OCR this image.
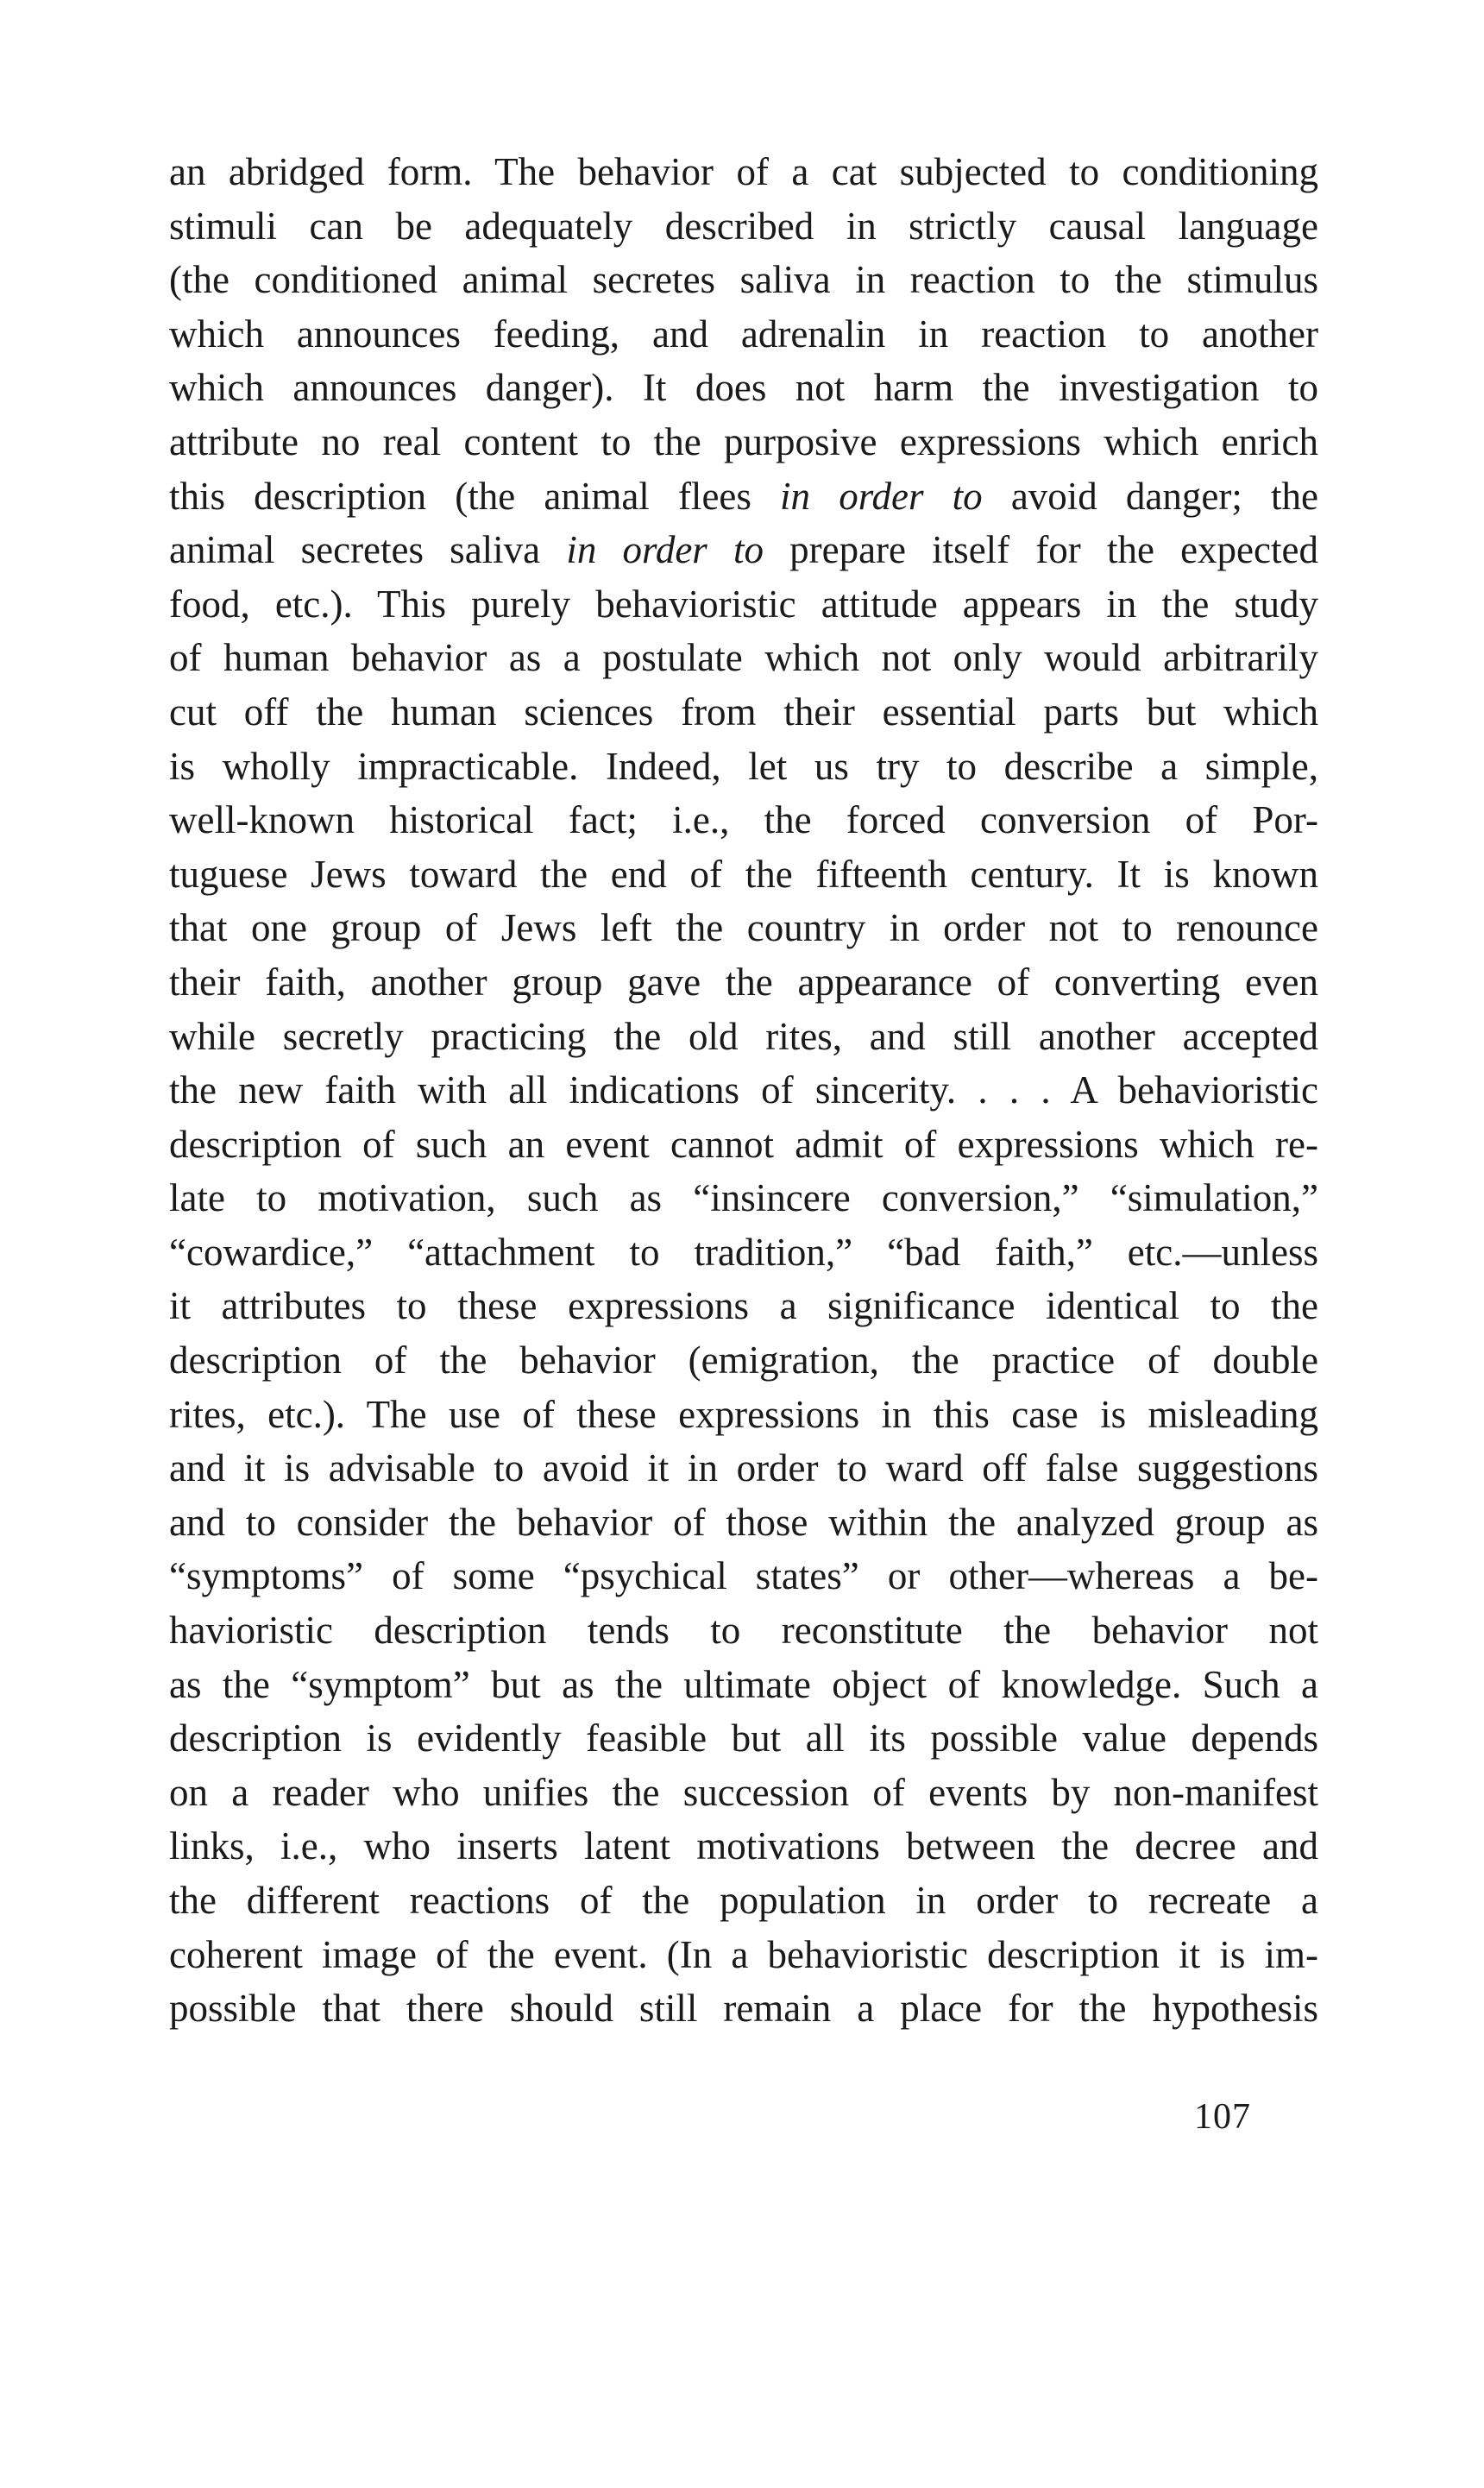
an abridged form. The behavior of a cat subjected to conditioning
stimuli can be adequately described in strictly causal language
(the conditioned animal secretes saliva in reaction to the stimulus
which announces feeding, and adrenalin in reaction to another
which announces danger). It does not harm the investigation to
attribute no real content to the purposive expressions which enrich
this description (the animal flees in order to avoid danger; the
animal secretes saliva in order to prepare itself for the expected
food, etc.). This purely behavioristic attitude appears in the study
of human behavior as a postulate which not only would arbitrarily
cut off the human sciences from their essential parts but which
is wholly impracticable. Indeed, let us try to describe a simple,
well-known historical fact; i.e., the forced conversion of Por-
tuguese Jews toward the end of the fifteenth century. It is known
that one group of Jews left the country in order not to renounce
their faith, another group gave the appearance of converting even
while secretly practicing the old rites, and still another accepted
the new faith with all indications of sincerity. . . . A behavioristic
description of such an event cannot admit of expressions which re-
late to motivation, such as “insincere conversion,” “simulation,”
“cowardice,” “attachment to tradition,” “bad faith,” etc.—unless
it attributes to these expressions a significance identical to the
description of the behavior (emigration, the practice of double
rites, etc.). The use of these expressions in this case is misleading
and it is advisable to avoid it in order to ward off false suggestions
and to consider the behavior of those within the analyzed group as
“symptoms” of some “psychical states” or other—whereas a be-
havioristic description tends to reconstitute the behavior not
as the “symptom” but as the ultimate object of knowledge. Such a
description is evidently feasible but all its possible value depends
on a reader who unifies the succession of events by non-manifest
links, i.e., who inserts latent motivations between the decree and
the different reactions of the population in order to recreate a
coherent image of the event. (In a behavioristic description it is im-
possible that there should still remain a place for the hypothesis
107
